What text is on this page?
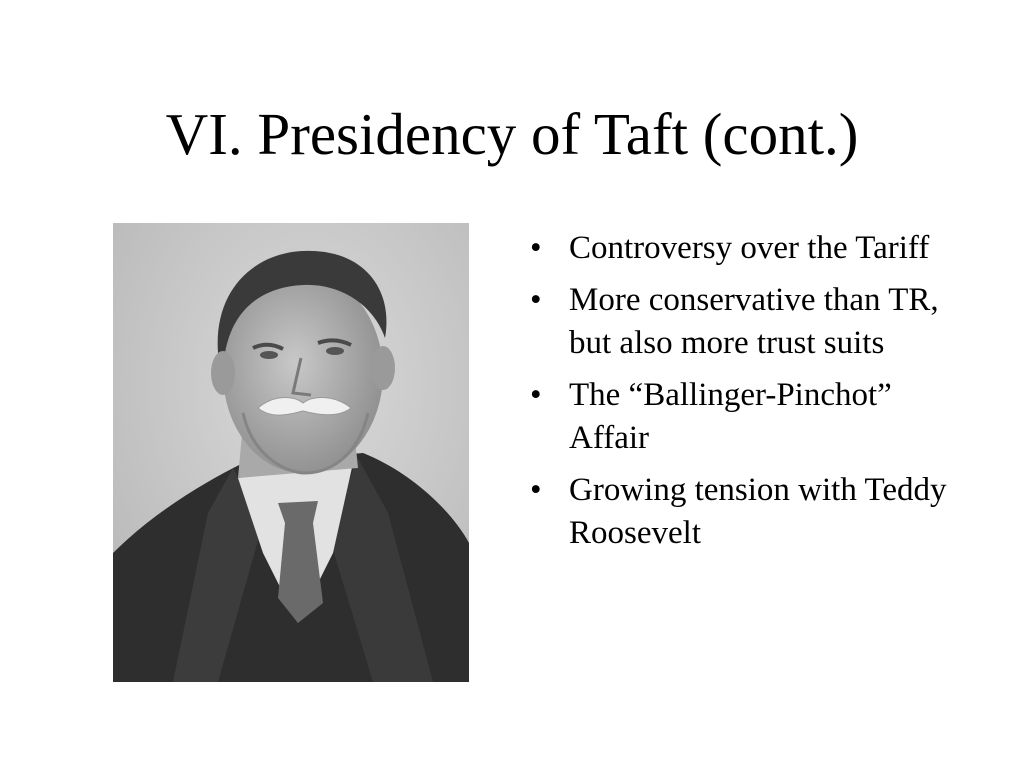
VI. Presidency of Taft (cont.)
• Controversy over the Tariff
• More conservative than TR, but also more trust suits
• The “Ballinger-Pinchot” Affair
• Growing tension with Teddy Roosevelt
